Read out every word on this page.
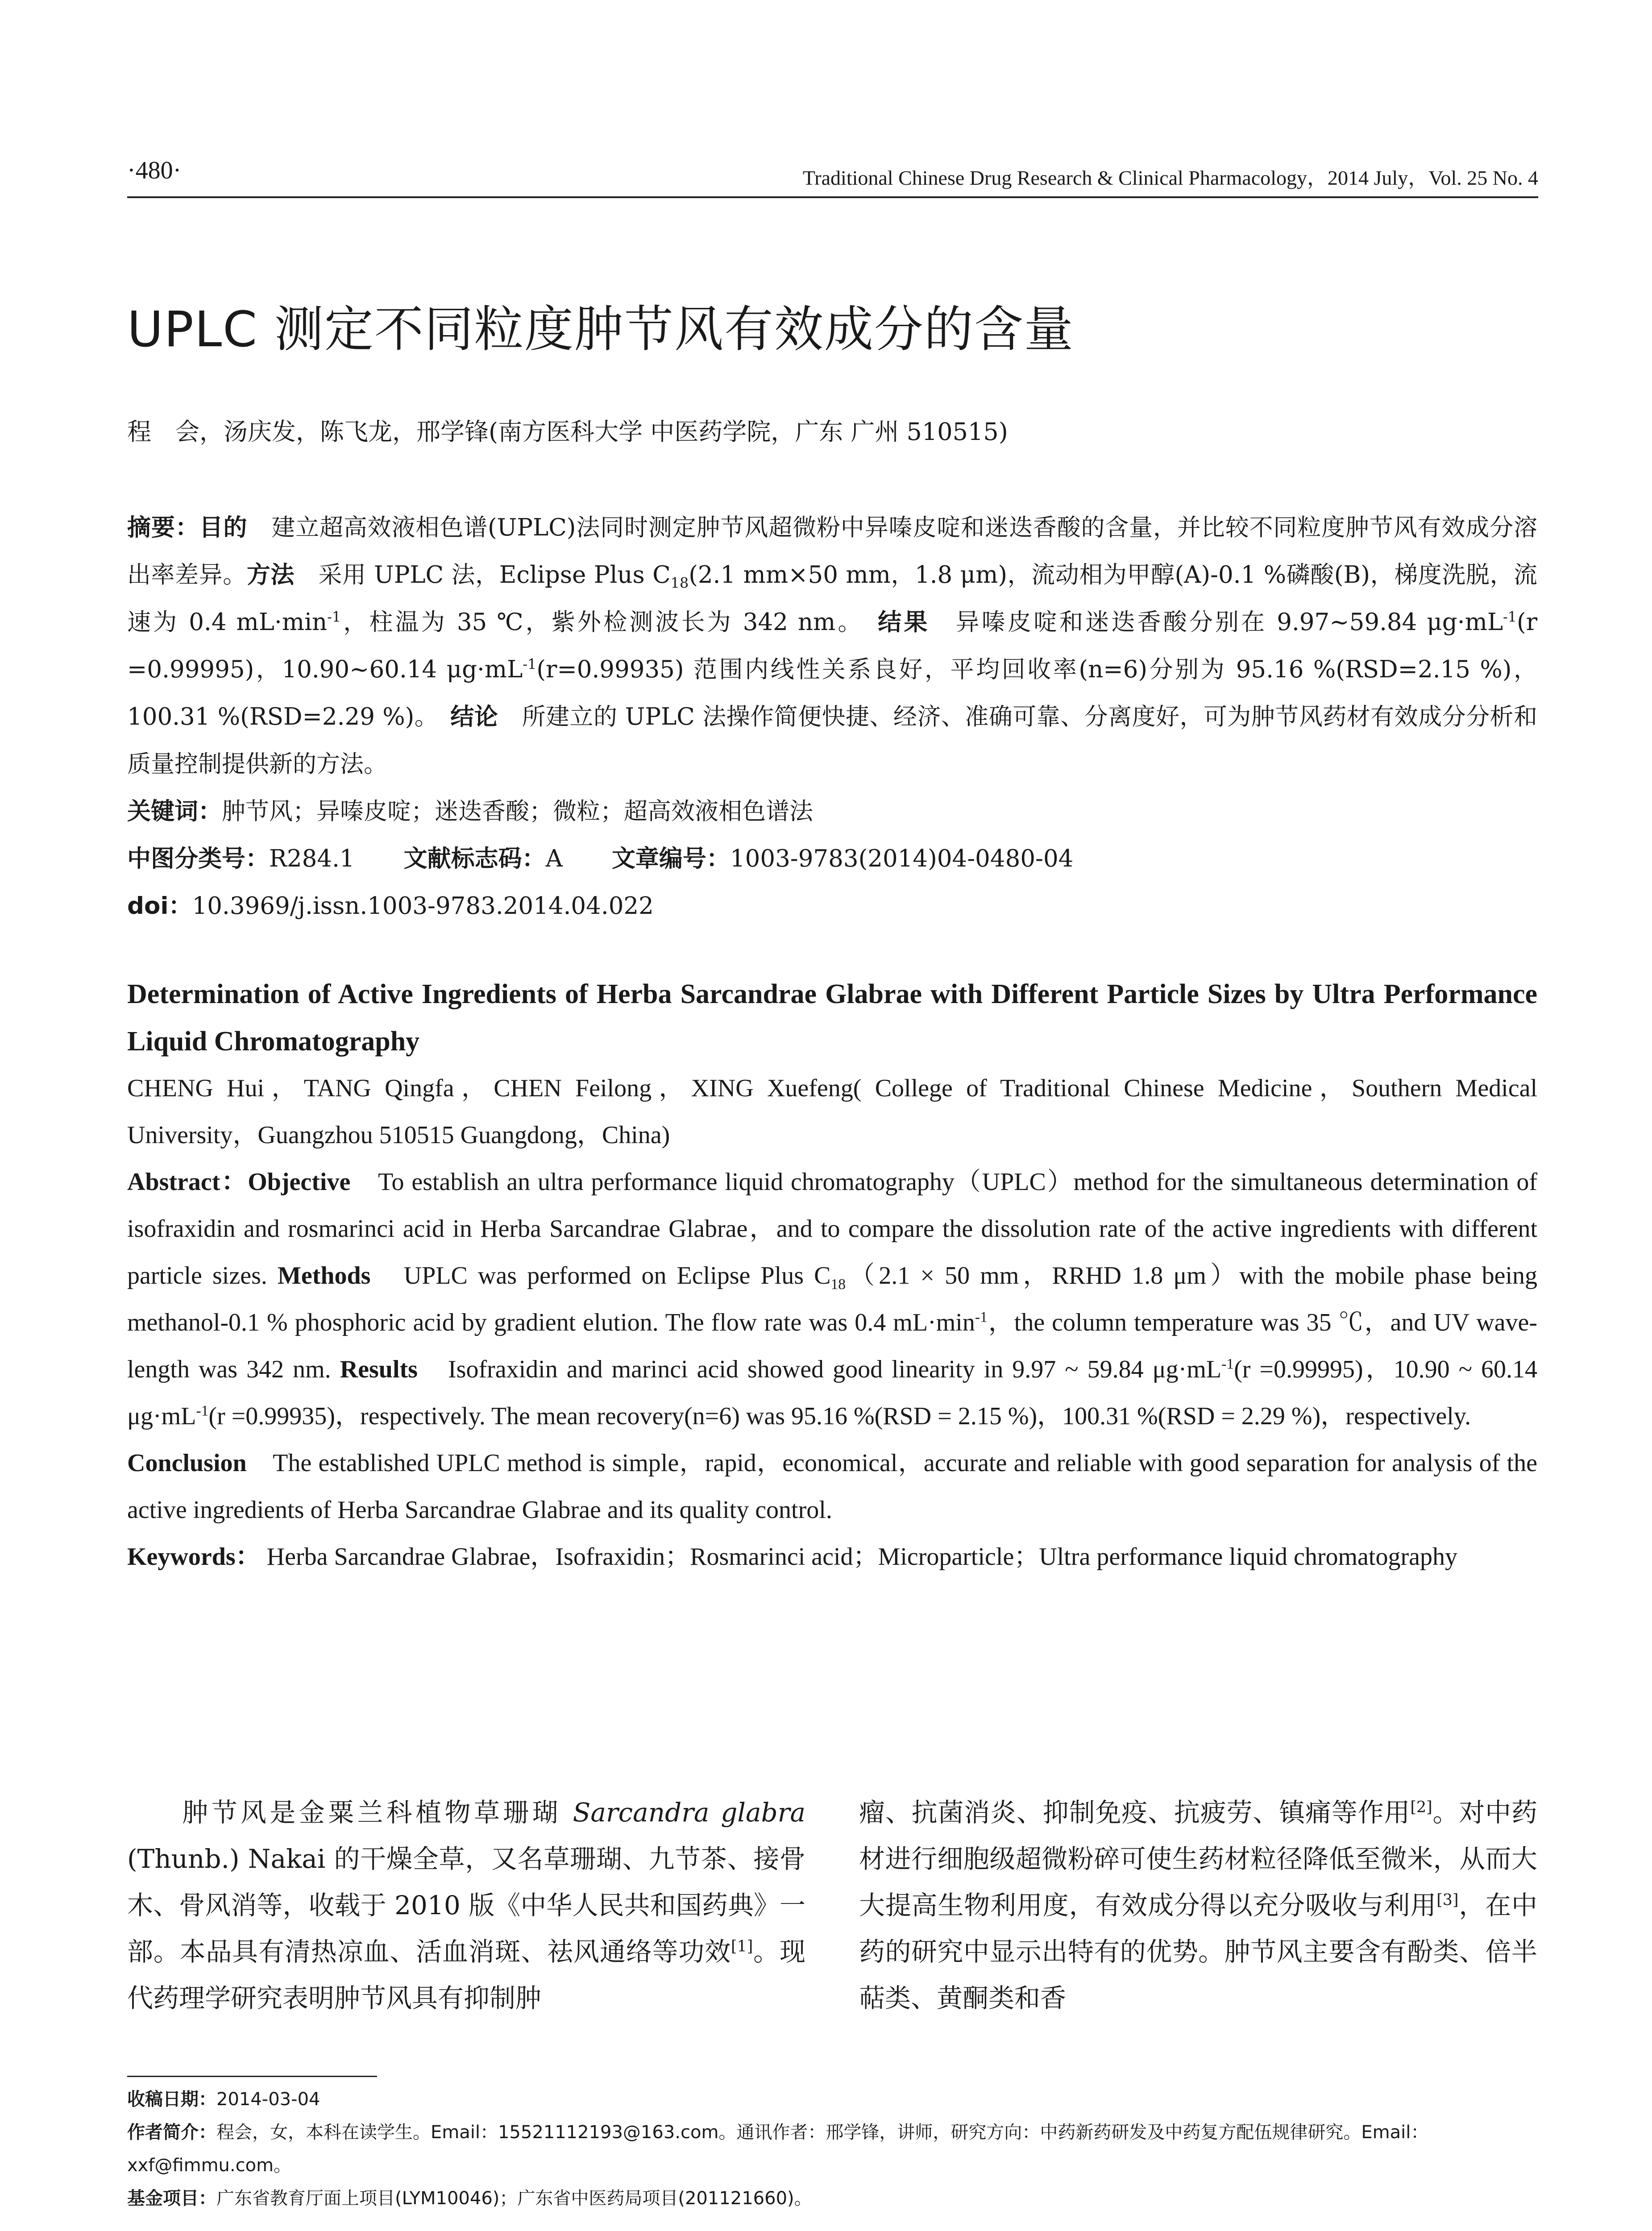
·480·	Traditional Chinese Drug Research & Clinical Pharmacology，2014 July，Vol. 25 No. 4
UPLC 测定不同粒度肿节风有效成分的含量
程　会，汤庆发，陈飞龙，邢学锋(南方医科大学 中医药学院，广东 广州 510515)

摘要：目的　 建立超高效液相色谱(UPLC)法同时测定肿节风超微粉中异嗪皮啶和迷迭香酸的含量，并比较不同粒度肿节风有效成分溶出率差异。方法　 采用 UPLC 法，Eclipse Plus $C_{18}(2.1$ mm×50 mm，1.8 μm)，流动相为甲醇(A)-0.1 %磷酸(B)，梯度洗脱，流速为 0.4 $mL\cdot\min^{-1}$，柱温为 35 ℃，紫外检测波长为 342 nm。　 结果　 异嗪皮啶和迷迭香酸分别在 9.97~59.84 $\mu g\cdot mL^{-1}(r =0.99995)$，10.90~60.14 $\mu g\cdot mL^{-1}(r=0.99935)$ 范围内线性关系良好，平均回收率(n=6)分别为 95.16 %(RSD=2.15 %)，100.31 %(RSD=2.29 %)。　 结论　 所建立的 UPLC 法操作简便快捷、经济、准确可靠、分离度好，可为肿节风药材有效成分分析和质量控制提供新的方法。

关键词：肿节风；异嗪皮啶；迷迭香酸；微粒；超高效液相色谱法

中图分类号：R284.1 文献标志码：A 文章编号：1003-9783(2014)04-0480-04

doi：10.3969/j.issn.1003-9783.2014.04.022

Determination of Active Ingredients of Herba Sarcandrae Glabrae with Different Particle Sizes by Ultra Performance Liquid Chromatography

CHENG Hui，TANG Qingfa，CHEN Feilong，XING Xuefeng( College of Traditional Chinese Medicine，Southern Medical University，Guangzhou 510515 Guangdong，China)

Abstract：Objective　 To establish an ultra performance liquid chromatography（UPLC）method for the simultaneous determination of isofraxidin and rosmarinci acid in Herba Sarcandrae Glabrae，and to compare the dissolution rate of the active ingredients with different particle sizes. Methods　 UPLC was performed on Eclipse Plus $C_{18}(2.1 \times 50$ mm，RRHD 1.8 μm）with the mobile phase being methanol-0.1 % phosphoric acid by gradient elution. The flow rate was 0.4 $mL\cdot\min^{-1}$，the column temperature was 35 ℃，and UV wave-length was 342 nm. Results　 Isofraxidin and marinci acid showed good linearity in 9.97 ~ 59.84 $\mu g\cdot mL^{-1}(r =0.99995)$，10.90 ~ 60.14 $\mu g\cdot mL^{-1}(r =0.99935)$，respectively. The mean recovery(n=6) was 95.16 %(RSD = 2.15 %)，100.31 %(RSD = 2.29 %)，respectively.

Conclusion　 The established UPLC method is simple，rapid，economical，accurate and reliable with good separation for analysis of the active ingredients of Herba Sarcandrae Glabrae and its quality control.

Keywords： Herba Sarcandrae Glabrae，Isofraxidin；Rosmarinci acid；Microparticle；Ultra performance liquid chromatography

肿节风是金粟兰科植物草珊瑚 Sarcandra glabra (Thunb.) Nakai 的干燥全草，又名草珊瑚、九节茶、接骨木、骨风消等，收载于 2010 版《中华人民共和国药典》一部。本品具有清热凉血、活血消斑、祛风通络等功效[1]。现代药理学研究表明肿节风具有抑制肿

瘤、抗菌消炎、抑制免疫、抗疲劳、镇痛等作用[2]。对中药材进行细胞级超微粉碎可使生药材粒径降低至微米，从而大大提高生物利用度，有效成分得以充分吸收与利用[3]，在中药的研究中显示出特有的优势。肿节风主要含有酚类、倍半萜类、黄酮类和香

收稿日期：2014-03-04

作者简介：程会，女，本科在读学生。Email：15521112193@163.com。通讯作者：邢学锋，讲师，研究方向：中药新药研发及中药复方配伍规律研究。Email：xxf@fimmu.com。

基金项目：广东省教育厅面上项目(LYM10046)；广东省中医药局项目(201121660)。
